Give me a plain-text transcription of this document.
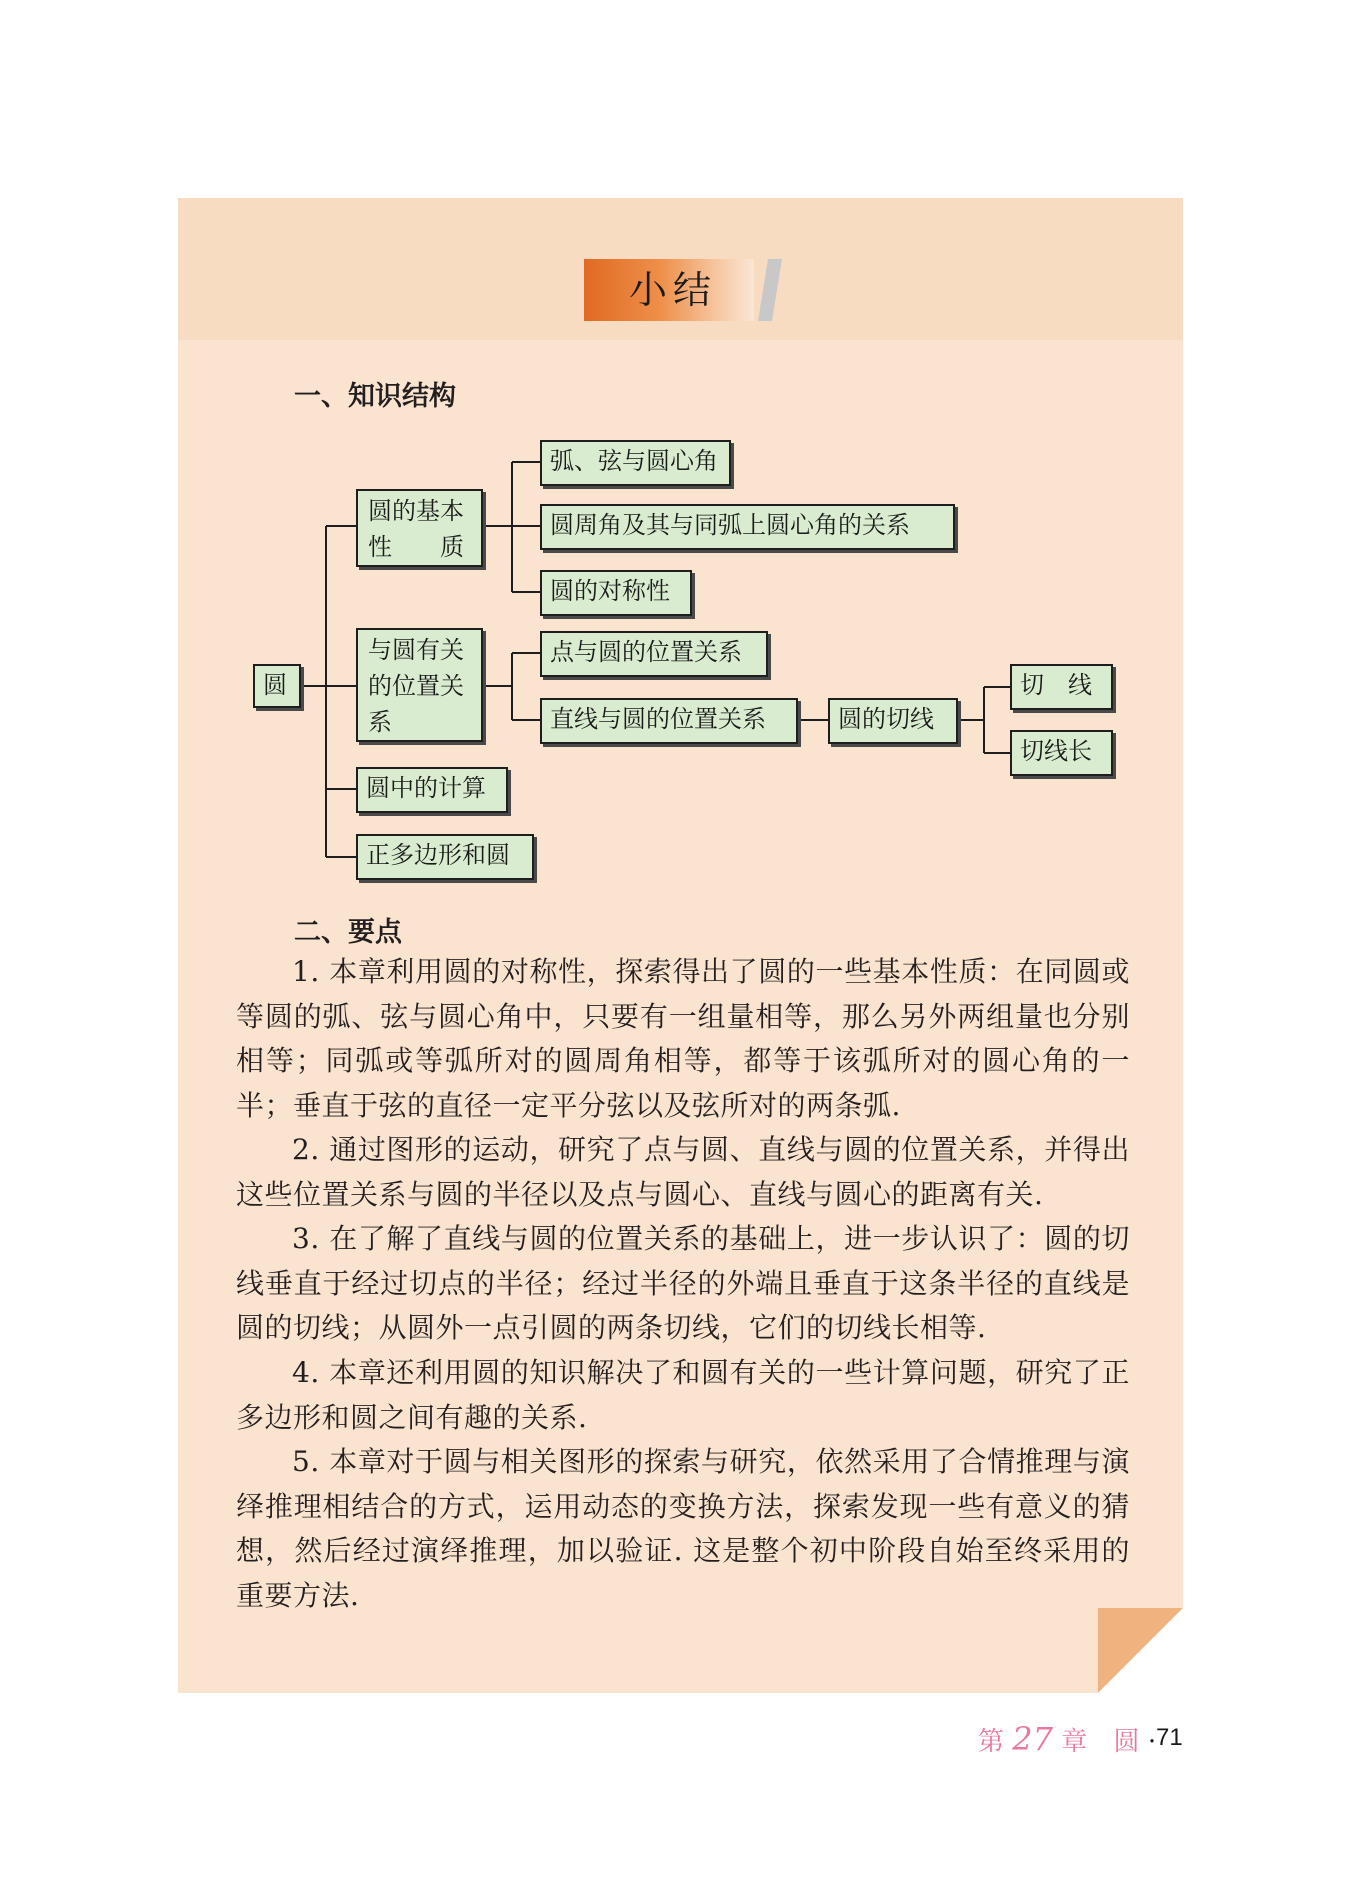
小结
一、知识结构
圆
圆的基本性　　质
弧、弦与圆心角
圆周角及其与同弧上圆心角的关系
圆的对称性
与圆有关的位置关系
点与圆的位置关系
直线与圆的位置关系	圆的切线
切　线
切线长
圆中的计算
正多边形和圆
二、要点
1. 本章利用圆的对称性，探索得出了圆的一些基本性质：在同圆或等圆的弧、弦与圆心角中，只要有一组量相等，那么另外两组量也分别相等；同弧或等弧所对的圆周角相等，都等于该弧所对的圆心角的一半；垂直于弦的直径一定平分弦以及弦所对的两条弧.
2. 通过图形的运动，研究了点与圆、直线与圆的位置关系，并得出这些位置关系与圆的半径以及点与圆心、直线与圆心的距离有关.
3. 在了解了直线与圆的位置关系的基础上，进一步认识了：圆的切线垂直于经过切点的半径；经过半径的外端且垂直于这条半径的直线是圆的切线；从圆外一点引圆的两条切线，它们的切线长相等.
4. 本章还利用圆的知识解决了和圆有关的一些计算问题，研究了正多边形和圆之间有趣的关系.
5. 本章对于圆与相关图形的探索与研究，依然采用了合情推理与演绎推理相结合的方式，运用动态的变换方法，探索发现一些有意义的猜想，然后经过演绎推理，加以验证. 这是整个初中阶段自始至终采用的重要方法.
第 27 章 圆 · 71
